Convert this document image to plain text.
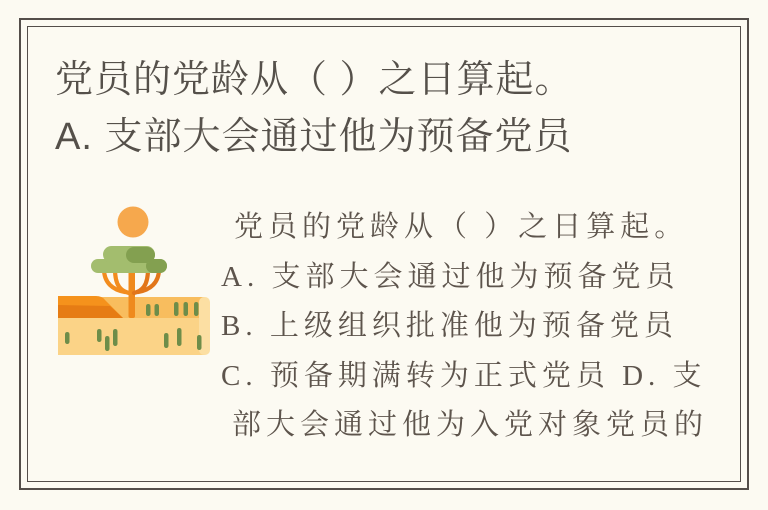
党员的党龄从（ ）之日算起。
A. 支部大会通过他为预备党员
党员的党龄从（ ）之日算起。
A. 支部大会通过他为预备党员
B. 上级组织批准他为预备党员
C. 预备期满转为正式党员 D. 支
部大会通过他为入党对象党员的
